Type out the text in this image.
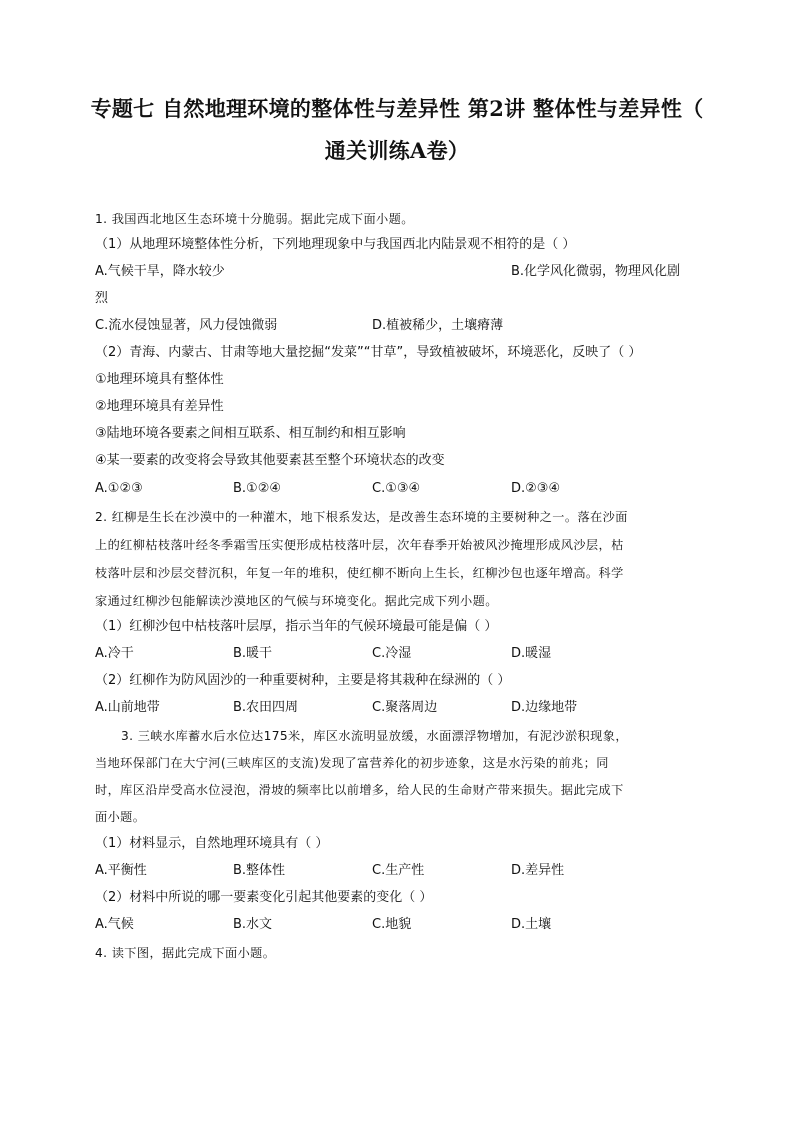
专题七 自然地理环境的整体性与差异性 第2讲 整体性与差异性（
通关训练A卷）
1. 我国西北地区生态环境十分脆弱。据此完成下面小题。
（1）从地理环境整体性分析，下列地理现象中与我国西北内陆景观不相符的是（ ）
A.气候干旱，降水较少	B.化学风化微弱，物理风化剧
烈
C.流水侵蚀显著，风力侵蚀微弱	D.植被稀少，土壤瘠薄
（2）青海、内蒙古、甘肃等地大量挖掘“发菜”“甘草”，导致植被破坏，环境恶化，反映了（ ）
①地理环境具有整体性
②地理环境具有差异性
③陆地环境各要素之间相互联系、相互制约和相互影响
④某一要素的改变将会导致其他要素甚至整个环境状态的改变
A.①②③	B.①②④	C.①③④	D.②③④
2. 红柳是生长在沙漠中的一种灌木，地下根系发达，是改善生态环境的主要树种之一。落在沙面
上的红柳枯枝落叶经冬季霜雪压实便形成枯枝落叶层，次年春季开始被风沙掩埋形成风沙层，枯
枝落叶层和沙层交替沉积，年复一年的堆积，使红柳不断向上生长，红柳沙包也逐年增高。科学
家通过红柳沙包能解读沙漠地区的气候与环境变化。据此完成下列小题。
（1）红柳沙包中枯枝落叶层厚，指示当年的气候环境最可能是偏（ ）
A.冷干	B.暖干	C.冷湿	D.暖湿
（2）红柳作为防风固沙的一种重要树种，主要是将其栽种在绿洲的（ ）
A.山前地带	B.农田四周	C.聚落周边	D.边缘地带
3. 三峡水库蓄水后水位达175米，库区水流明显放缓，水面漂浮物增加，有泥沙淤积现象，
当地环保部门在大宁河(三峡库区的支流)发现了富营养化的初步迹象，这是水污染的前兆；同
时，库区沿岸受高水位浸泡，滑坡的频率比以前增多，给人民的生命财产带来损失。据此完成下
面小题。
（1）材料显示，自然地理环境具有（ ）
A.平衡性	B.整体性	C.生产性	D.差异性
（2）材料中所说的哪一要素变化引起其他要素的变化（ ）
A.气候	B.水文	C.地貌	D.土壤
4. 读下图，据此完成下面小题。
